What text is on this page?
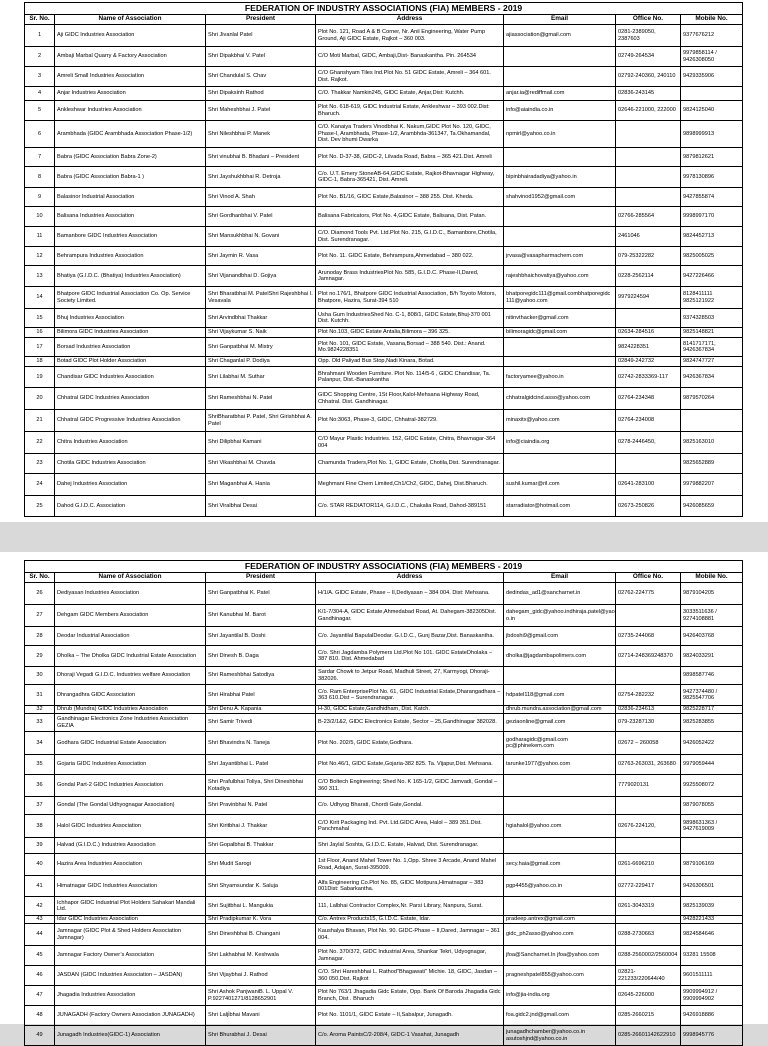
FEDERATION OF INDUSTRY ASSOCIATIONS (FIA) MEMBERS - 2019						
Sr. No.	Name of Association	President	Address	Email	Office No.	Mobile No.
1	Aji GIDC Industries Association	Shri Jivanlal Patel	Plot No. 121, Road A & B Corner, Nr. Anil Engineering, Water Pump Ground, Aji GIDC Estate, Rajkot – 360 003.	ajiassociation@gmail.com	0281-2389050, 2387603	9377676212
2	Ambaji Marbal Quarry & Factory Association	Shri Dipakbhai V. Patel	C/O Moti Marbal, GIDC, Ambaji,Dist- Banaskantha. Pin. 264534		02749-264534	9979858114 / 9426308050
3	Amreli Small Industries Association	Shri Chandulal S. Chav	C/O Ghanshyam Tiles Ind.Plot No. 51 GIDC Estate, Amreli – 364 601. Dist. Rajkot.		02792-240360, 240110	9429335906
4	Anjar Industries Association	Shri Dipaksinh Rathod	C/O. Thakkar Namkin245, GIDC Estate, Anjar,Dist: Kutchh.	anjar.ia@rediffmail.com	02836-243145	
5	Ankleshwar Industries Association	Shri Maheshbhai J. Patel	Plot No. 618-619, GIDC Industrial Estate, Ankleshwar – 393 002.Dist: Bharuch.	info@aiaindia.co.in	02646-221000, 222000	9824125040
6	Arambhada (GIDC Arambhada Association Phase-1/2)	Shri Nileshbhai P. Manek	C/O. Kanaiya Traders Vinodbhai K. Nakum,GIDC Plot No. 120, GIDC, Phase-I, Arambhada, Phase-1/2, Arambhda-361347, Ta.Okhamandal, Dist. Dev bhumi Dwarka	npmirl@yahoo.co.in		9898999913
7	Babra (GIDC Association Babra Zone-2)	Shri vinubhai B. Bhadani – President	Plot No. D-37-38, GIDC-2, Lilvada Road, Babra – 365 421.Dist. Amreli			9879812621
8	Babra (GIDC Association Babra-1 )	Shri Jayshukhbhai R. Detroja	C/o. U.T. Emery StoneAB-64,GIDC Estate, Rajkot-Bhavnagar Highway, GIDC-1, Babra-365421, Dist. Amreli.	bipinbhairadadiya@yahoo.in		9978130896
9	Balasinor Industrial Association	Shri Vinod A. Shah	Plot No. B1/16, GIDC Estate,Balasinor – 388 255. Dist. Kheda.	shahvinod1952@gmail.com		9427855874
10	Balisana Industries Association	Shri Gordhanbhai V. Patel	Balisana Fabricators, Plot No. 4,GIDC Estate, Balisana, Dist. Patan.		02766-285564	9998997170
11	Bamanbore GIDC Industries Association	Shri Mansukhbhai N. Govani	C/O. Diamond Tools Pvt. Ltd.Plot No. 215, G.I.D.C., Bamanbore,Chotila, Dist. Surendranagar.		2461046	9824452713
12	Behrampura Industries Association	Shri Jaymin R. Vasa	Plot No. 11. GIDC Estate, Behrampura,Ahmedabad – 380 022.	jrvasa@vasapharmachem.com	079-25322282	9825005025
13	Bhatiya (G.I.D.C. (Bhatiya) Industries Association)	Shri Vijanandbhai D. Gojiya	Arunoday Brass IndustriesPlot No. 585, G.I.D.C. Phase-II,Dared, Jamnagar.	rajeshbhaichovatiya@yahoo.com	0228-2562114	9427226466
14	Bhatpore GIDC Industrial Association Co. Op. Service Society Limited.	Shri Bharatbhai M. PatelShri Rajeshbhai I. Vesavala	Plot no.176/1, Bhatpore GIDC Industrial Association, B/h Toyoto Motors, Bhatpore, Hazira, Surat-394 510	bhatporegidc111@gmail.combhatporegidc 111@yahoo.com	9979224594	8128411111 9825121922
15	Bhuj Industries Association	Shri Arvindbhai Thakkar	Usha Gum IndustriesShed No. C-1, 808/1, GIDC Estate,Bhuj-370 001 Dist. Kutchh.	nitinvthacker@gmail.com		9374328503
16	Bilimora GIDC Industries Association	Shri Vijaykumar S. Naik	Plot No.103, GIDC Estate Antalia,Bilimora – 396 325.	bilimoragidc@gmail.com	02634-284516	9825148821
17	Borsad Industries Association	Shri Ganpatbhai M. Mistry	Plot No. 101, GIDC Estate, Vasana,Borsad – 388 540. Dist.: Anand. Mo.9824228351		9824228351	8141717171, 9426367834
18	Botad GIDC Plot Holder Association	Shri Chaganlal P. Dodiya	Opp. Old Paliyad Bus Stop,Nadi Kinara, Botad.		02849-242732	9824747727
19	Chandisar GIDC Industries Association	Shri Lilabhai M. Suthar	Bhrahmani Wooden Furniture. Plot No. 114/5-6 , GIDC Chandisar, Ta. Palanpur, Dist.-Banaskantha	factoryamee@yahoo.in	02742-2833369-117	9426367834
20	Chhatral GIDC Industries Association	Shri Rameshbhai N. Patel	GIDC Shopping Centre, 1St Floor,Kalol-Mehsana Highway Road, Chhatral. Dist. Gandhinagar.	chhatralgidcind.asso@yahoo.com	02764-234348	9879570264
21	Chhatral GIDC Progressive Industries Association	ShriBharatbhai P. Patel, Shri Girishbhai A. Patel	Plot No:3063, Phase-3, GIDC, Chhatral-382729.	minaxitx@yahoo.com	02764-234008	
22	Chitra Industries Association	Shri Dilipbhai Kamani	C/O Mayur Plastic Industries. 152, GIDC Estate, Chitra, Bhavnagar-364 004	info@ciaindia.org	0278-2446450,	9825163010
23	Chotila GIDC Industries Association	Shri Vikashbhai M. Chavda	Chamunda Traders,Plot No. 1, GIDC Estate, Chotila,Dist. Surendranagar.			9825652889
24	Dahej Industries Association	Shri Maganbhai A. Hania	Meghmani Fine Chem Limited,Ch1/Ch2, GIDC, Dahej, Dist.Bharuch.	sushil.kumar@ril.com	02641-283100	9979882207
25	Dahod G.I.D.C. Association	Shri Viralbhai Desai	C/o. STAR REDIATOR114, G.I.D.C., Chakalia Road, Dahod-389151	starradiator@hotmail.com	02673-250826	9426085659
FEDERATION OF INDUSTRY ASSOCIATIONS (FIA) MEMBERS - 2019						
Sr. No.	Name of Association	President	Address	Email	Office No.	Mobile No.
26	Dediyasan Industries Association	Shri Ganpatbhai K. Patel	H/1/A. GIDC Estate, Phase – II,Dediyasan – 384 004. Dist: Mehsana.	dedindas_ad1@sancharnet.in	02762-224775	9879104205
27	Dehgam GIDC Members Association	Shri Kanubhai M. Barot	K/1-7/304-A, GIDC Estate,Ahmedabad Road, At. Dahegam-382305Dist. Gandhinagar.	dahegam_gidc@yahoo.indhiraja.patel@yao o.in		3033511636 / 9274108881
28	Deodar Industrial Association	Shri Jayantilal B. Doshi	C/o. Jayantilal BapulalDeodar. G.I.D.C., Gunj Bazar,Dist. Banaskantha.	jbdoshi9@gmail.com	02735-244068	9426403768
29	Dholka – The Dholka GIDC Industrial Estate Association	Shri Dinesh B. Daga	C/o. Shri Jagdamba Polymers Ltd.Plot No 101. GIDC EstateDholaka – 387 810. Dist. Ahmedabad	dholka@jagdambapolimers.com	02714-248369248370	9824033291
30	Dhoraji Vegadi G.I.D.C. Industries welfare Association	Shri Rameshbhai Satodiya	Sardar Chowk to Jetpur Road, Madhuli Street, 27, Karmyogi, Dhoraji-382026.			9898587746
31	Dhrangadhra GIDC Association	Shri Hirabhai Patel	C/o. Ram EnterprisePlot No. 61, GIDC Industrial Estate,Dharangadhara – 363 610.Dist – Surendranagar.	hdpatel118@gmail.com	02754-282232	9427374480 / 9825547706
32	Dhrub (Mundra) GIDC Industries Association	Shri Denu A. Kapania	H-30, GIDC Estate,Gandhidham, Dist. Katch.	dhrub.mundra.association@gmail.com	02836-234613	9825228717
33	Gandhinagar Electronics Zone Industries Association GEZIA	Shri Samir Trivedi	B-23/2/1&2, GIDC Electronics Estate, Sector – 25,Gandhinagar 382028.	geziaonline@gmail.com	079-23287130	9825283855
34	Godhara GIDC Industrial Estate Association	Shri Bhavindra N. Taneja	Plot No. 202/5, GIDC Estate,Godhara.	godharagidc@gmail.com pc@phinekem.com	02672 – 260058	9426052422
35	Gojaria GIDC Industries Association	Shri Jayantibhai L. Patel	Plot No.46/1, GIDC Estate,Gojaria-382 825. Ta. Vijapur,Dist. Mehsana.	tarunke1977@yahoo.com	02763-263031, 263680	9979059444
36	Gondal Part-2 GIDC Industries Association	Shri Prafulbhai Toliya, Shri Dineshbhai Kotadiya	C/O Boltech Engineering; Shed No. K 165-1/2, GIDC Jamvadi, Gondal – 360 311.		7779020131	9925508072
37	Gondal (The Gondal Udhyognagar Association)	Shri Pravinbhai N. Patel	C/o. Udhyog Bharati, Chordi Gate,Gondal.			9879078055
38	Halol GIDC Industries Association	Shri Kiritbhai J. Thakkar	C/O Kirit Packaging Ind. Pvt. Ltd.GIDC Area, Halol – 389 351.Dist. Panchmahal	hgiahalol@yahoo.com	02676-224120,	9898631363 / 9427619009
39	Halvad (G.I.D.C.) Industries Association	Shri Gopalbhai B. Thakkar	Shri Jaylal Soshta, G.I.D.C. Estate, Halvad, Dist. Surendranagar.			
40	Hazira Area Industries Association	Shri Mudit Sarogi	1st Floor, Anand Mahel Tower No. 1,Opp. Shree 3 Arcade, Anand Mahel Road, Adajan, Surat-395009.	secy.haia@gmail.com	0261-6696210	9879106169
41	Himatnagar GIDC Industries Association	Shri Shyamsundar K. Saluja	Alfa Engineering Co.Plot No. 85, GIDC Motipura,Himatnagar – 383 001Dist: Sabarkantha.	pgp4455@yahoo.co.in	02772-229417	9426306501
42	Ichhapor GIDC Industrial Plot Holders Sahakari Mandali Ltd.	Shri Sujitbhai L. Mangukia	111, Lalbhai Contractor Complex,Nr. Parsi Library, Nanpura, Surat.		0261-3043319	9825139039
43	Idar GIDC Industries Association	Shri Pradipkumar K. Vora	C/o. Antrex Products15, G.I.D.C. Estate, Idar.	pradeep.antrex@gmail.com		9428221433
44	Jamnagar (GIDC Plot & Shed Holders Association Jamnagar)	Shri Dineshbhai B. Changani	Kaushalya Bhavan, Plot No. 90. GIDC-Phase – II,Dared, Jamnagar – 361 004.	gidc_ph2asso@yahoo.com	0288-2730663	9824584646
45	Jamnagar Factory Owner’s Association	Shri Lakhabhai M. Keshwala	Plot No. 370/372, GIDC Industrial Area, Shankar Tekri, Udyognagar, Jamnagar.	jfoa@Sancharnet.In jfoa@yahoo.com	0288-2560002/2560004	93281 15508
46	JASDAN (GIDC Industries Association – JASDAN)	Shri Vijaybhai J. Rathod	C/O. Shri Hareshbhai L. Rathod"Bhagawati" Michie. 18, GIDC, Jasdan – 360 050.Dist. Rajkot	pragneshpatel855@yahoo.com	02821-221233/220644/40	9601511111
47	Jhagadia Industries Association	Shri Ashok PanjwaniB. L. Uppal V. P.9227401271/8128652901	Plot No 763/1 Jhagadia Gidc Estate, Opp. Bank Of Baroda Jhagadia Gidc Branch, Dist . Bharuch	info@jia-india.org	02645-226000	9909994912 / 9909994902
48	JUNAGADH (Factory Owners Association JUNAGADH)	Shri Lalji̇bhai Mavani	Plot No. 1101/1, GIDC Estate – II,Sabalpur, Junagadh.	foa.gidc2.jnd@gmail.com	0285-2660215	9426918886
49	Junagadh Industries(GIDC-1) Association	Shri Bhurabhai J. Desai	C/o. Aroma PaintsC/2-208/4, GIDC-1 Vasahat, Junagadh	junagadhchamber@yahoo.co.in asutoshjnd@yahoo.co.in	0285-26601142622910	9998945776
